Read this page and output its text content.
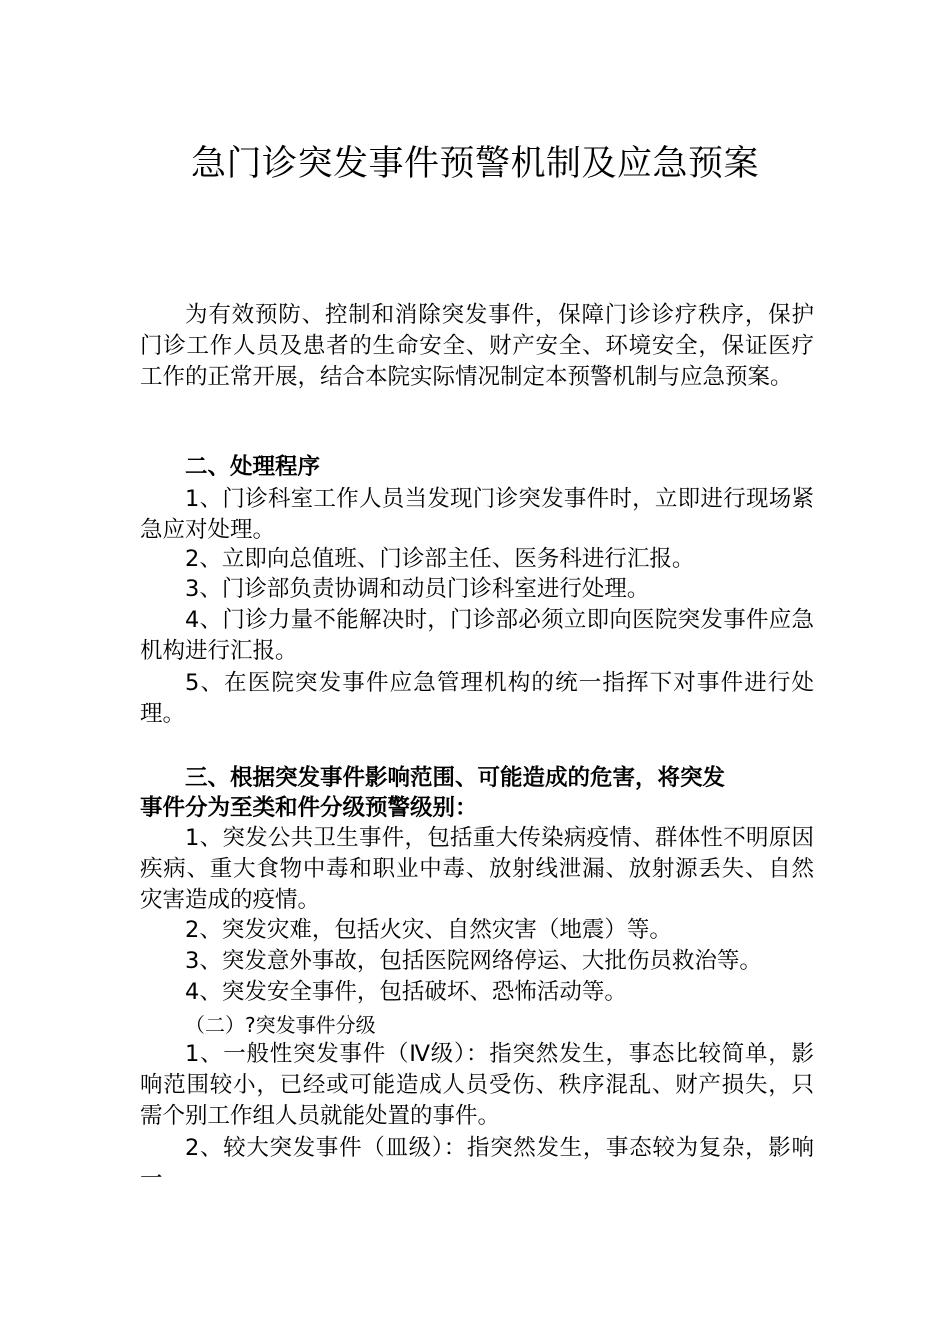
急门诊突发事件预警机制及应急预案

为有效预防、控制和消除突发事件，保障门诊诊疗秩序，保护门诊工作人员及患者的生命安全、财产安全、环境安全，保证医疗工作的正常开展，结合本院实际情况制定本预警机制与应急预案。

二、处理程序

1、门诊科室工作人员当发现门诊突发事件时，立即进行现场紧急应对处理。

2、立即向总值班、门诊部主任、医务科进行汇报。

3、门诊部负责协调和动员门诊科室进行处理。

4、门诊力量不能解决时，门诊部必须立即向医院突发事件应急机构进行汇报。

5、在医院突发事件应急管理机构的统一指挥下对事件进行处理。

三、根据突发事件影响范围、可能造成的危害，将突发

事件分为至类和件分级预警级别：

1、突发公共卫生事件，包括重大传染病疫情、群体性不明原因疾病、重大食物中毒和职业中毒、放射线泄漏、放射源丢失、自然灾害造成的疫情。

2、突发灾难，包括火灾、自然灾害（地震）等。

3、突发意外事故，包括医院网络停运、大批伤员救治等。

4、突发安全事件，包括破坏、恐怖活动等。

（二）?突发事件分级

1、一般性突发事件（Ⅳ级）：指突然发生，事态比较简单，影响范围较小，已经或可能造成人员受伤、秩序混乱、财产损失，只需个别工作组人员就能处置的事件。

2、较大突发事件（皿级）：指突然发生，事态较为复杂，影响一
